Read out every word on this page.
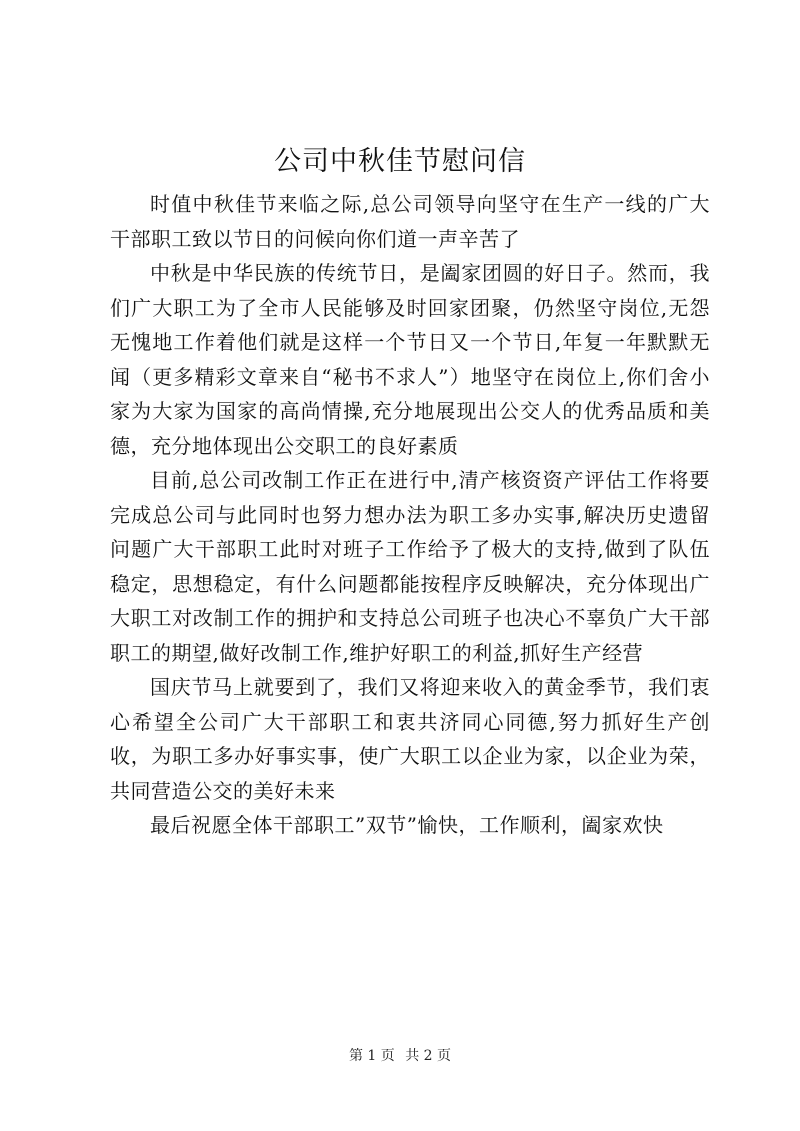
公司中秋佳节慰问信

时值中秋佳节来临之际,总公司领导向坚守在生产一线的广大干部职工致以节日的问候向你们道一声辛苦了

中秋是中华民族的传统节日，是阖家团圆的好日子。然而，我们广大职工为了全市人民能够及时回家团聚，仍然坚守岗位,无怨无愧地工作着他们就是这样一个节日又一个节日,年复一年默默无闻（更多精彩文章来自“秘书不求人”）地坚守在岗位上,你们舍小家为大家为国家的高尚情操,充分地展现出公交人的优秀品质和美德，充分地体现出公交职工的良好素质

目前,总公司改制工作正在进行中,清产核资资产评估工作将要完成总公司与此同时也努力想办法为职工多办实事,解决历史遗留问题广大干部职工此时对班子工作给予了极大的支持,做到了队伍稳定，思想稳定，有什么问题都能按程序反映解决，充分体现出广大职工对改制工作的拥护和支持总公司班子也决心不辜负广大干部职工的期望,做好改制工作,维护好职工的利益,抓好生产经营

国庆节马上就要到了，我们又将迎来收入的黄金季节，我们衷心希望全公司广大干部职工和衷共济同心同德,努力抓好生产创收，为职工多办好事实事，使广大职工以企业为家，以企业为荣，共同营造公交的美好未来

最后祝愿全体干部职工”双节”愉快，工作顺利，阖家欢快

第 1 页 共 2 页
